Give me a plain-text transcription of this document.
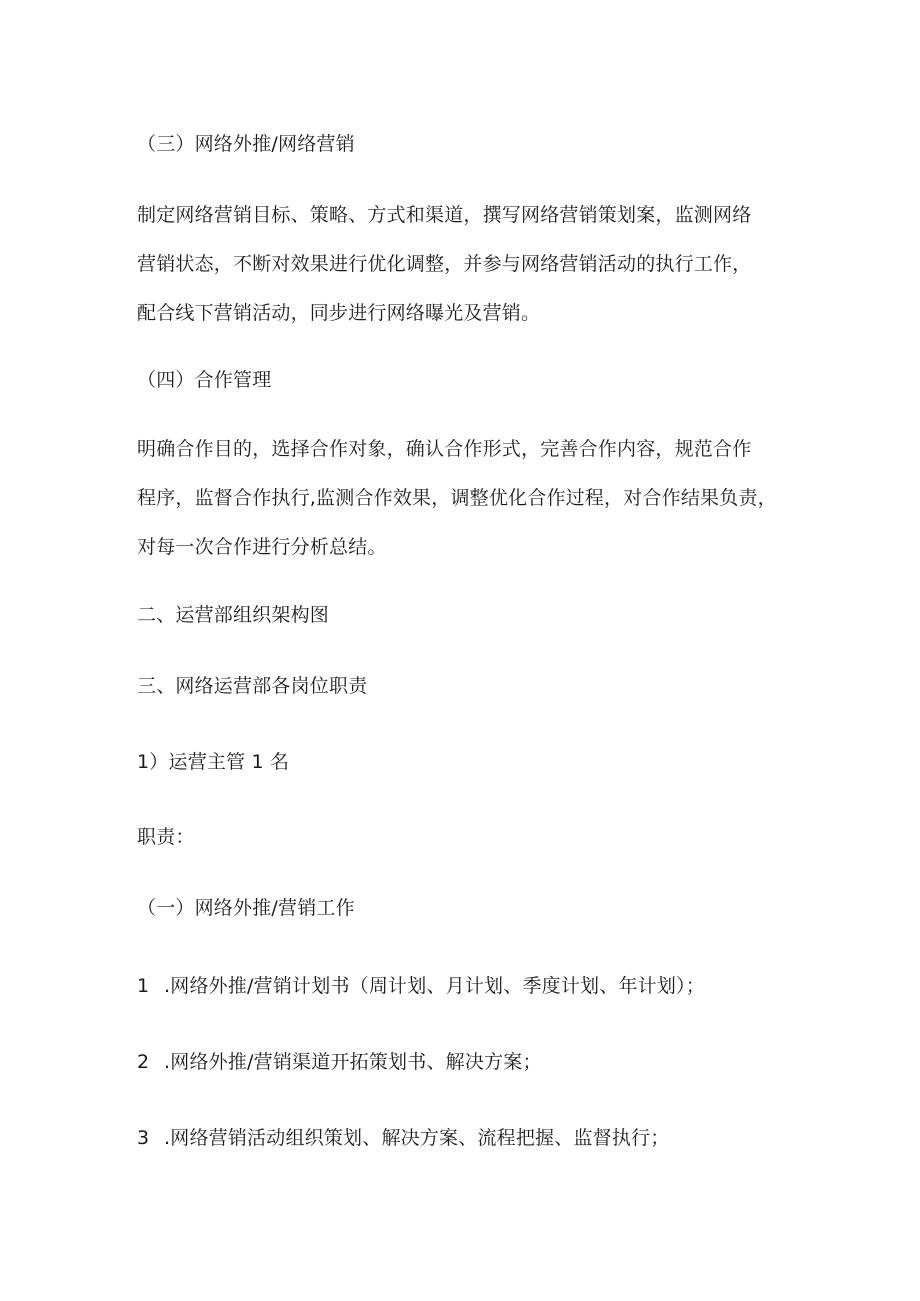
（三）网络外推/网络营销
制定网络营销目标、策略、方式和渠道，撰写网络营销策划案，监测网络
营销状态，不断对效果进行优化调整，并参与网络营销活动的执行工作，
配合线下营销活动，同步进行网络曝光及营销。
（四）合作管理
明确合作目的，选择合作对象，确认合作形式，完善合作内容，规范合作
程序，监督合作执行,监测合作效果，调整优化合作过程，对合作结果负责，
对每一次合作进行分析总结。
二、运营部组织架构图
三、网络运营部各岗位职责
1）运营主管 1 名
职责：
（一）网络外推/营销工作
1 .网络外推/营销计划书（周计划、月计划、季度计划、年计划）；
2 .网络外推/营销渠道开拓策划书、解决方案；
3 .网络营销活动组织策划、解决方案、流程把握、监督执行；
